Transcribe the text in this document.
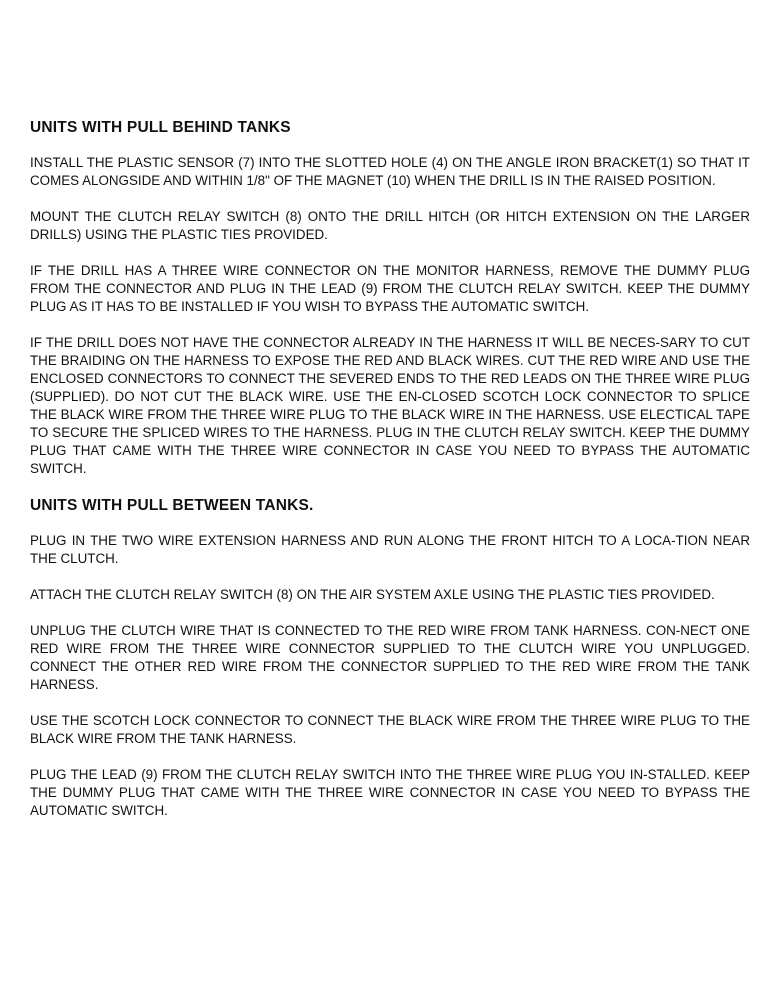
UNITS WITH PULL BEHIND TANKS

INSTALL THE PLASTIC SENSOR (7) INTO THE SLOTTED HOLE (4) ON THE ANGLE IRON BRACKET(1) SO THAT IT COMES ALONGSIDE AND WITHIN 1/8" OF THE MAGNET (10) WHEN THE DRILL IS IN THE RAISED POSITION.

MOUNT THE CLUTCH RELAY SWITCH (8) ONTO THE DRILL HITCH (OR HITCH EXTENSION ON THE LARGER DRILLS) USING THE PLASTIC TIES PROVIDED.

IF THE DRILL HAS A THREE WIRE CONNECTOR ON THE MONITOR HARNESS, REMOVE THE DUMMY PLUG FROM THE CONNECTOR AND PLUG IN THE LEAD (9) FROM THE CLUTCH RELAY SWITCH. KEEP THE DUMMY PLUG AS IT HAS TO BE INSTALLED IF YOU WISH TO BYPASS THE AUTOMATIC SWITCH.

IF THE DRILL DOES NOT HAVE THE CONNECTOR ALREADY IN THE HARNESS IT WILL BE NECES-SARY TO CUT THE BRAIDING ON THE HARNESS TO EXPOSE THE RED AND BLACK WIRES. CUT THE RED WIRE AND USE THE ENCLOSED CONNECTORS TO CONNECT THE SEVERED ENDS TO THE RED LEADS ON THE THREE WIRE PLUG (SUPPLIED). DO NOT CUT THE BLACK WIRE. USE THE EN-CLOSED SCOTCH LOCK CONNECTOR TO SPLICE THE BLACK WIRE FROM THE THREE WIRE PLUG TO THE BLACK WIRE IN THE HARNESS. USE ELECTICAL TAPE TO SECURE THE SPLICED WIRES TO THE HARNESS. PLUG IN THE CLUTCH RELAY SWITCH. KEEP THE DUMMY PLUG THAT CAME WITH THE THREE WIRE CONNECTOR IN CASE YOU NEED TO BYPASS THE AUTOMATIC SWITCH.

UNITS WITH PULL BETWEEN TANKS.

PLUG IN THE TWO WIRE EXTENSION HARNESS AND RUN ALONG THE FRONT HITCH TO A LOCA-TION NEAR THE CLUTCH.

ATTACH THE CLUTCH RELAY SWITCH (8) ON THE AIR SYSTEM AXLE USING THE PLASTIC TIES PROVIDED.

UNPLUG THE CLUTCH WIRE THAT IS CONNECTED TO THE RED WIRE FROM TANK HARNESS. CON-NECT ONE RED WIRE FROM THE THREE WIRE CONNECTOR SUPPLIED TO THE CLUTCH WIRE YOU UNPLUGGED. CONNECT THE OTHER RED WIRE FROM THE CONNECTOR SUPPLIED TO THE RED WIRE FROM THE TANK HARNESS.

USE THE SCOTCH LOCK CONNECTOR TO CONNECT THE BLACK WIRE FROM THE THREE WIRE PLUG TO THE BLACK WIRE FROM THE TANK HARNESS.

PLUG THE LEAD (9) FROM THE CLUTCH RELAY SWITCH INTO THE THREE WIRE PLUG YOU IN-STALLED. KEEP THE DUMMY PLUG THAT CAME WITH THE THREE WIRE CONNECTOR IN CASE YOU NEED TO BYPASS THE AUTOMATIC SWITCH.
